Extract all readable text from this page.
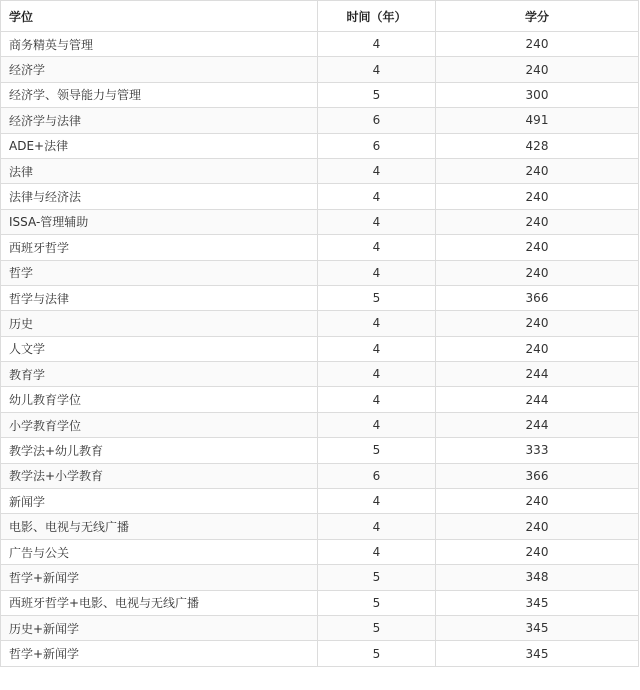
学位	时间（年）	学分
商务精英与管理	4	240
经济学	4	240
经济学、领导能力与管理	5	300
经济学与法律	6	491
ADE+法律	6	428
法律	4	240
法律与经济法	4	240
ISSA-管理辅助	4	240
西班牙哲学	4	240
哲学	4	240
哲学与法律	5	366
历史	4	240
人文学	4	240
教育学	4	244
幼儿教育学位	4	244
小学教育学位	4	244
教学法+幼儿教育	5	333
教学法+小学教育	6	366
新闻学	4	240
电影、电视与无线广播	4	240
广告与公关	4	240
哲学+新闻学	5	348
西班牙哲学+电影、电视与无线广播	5	345
历史+新闻学	5	345
哲学+新闻学	5	345
